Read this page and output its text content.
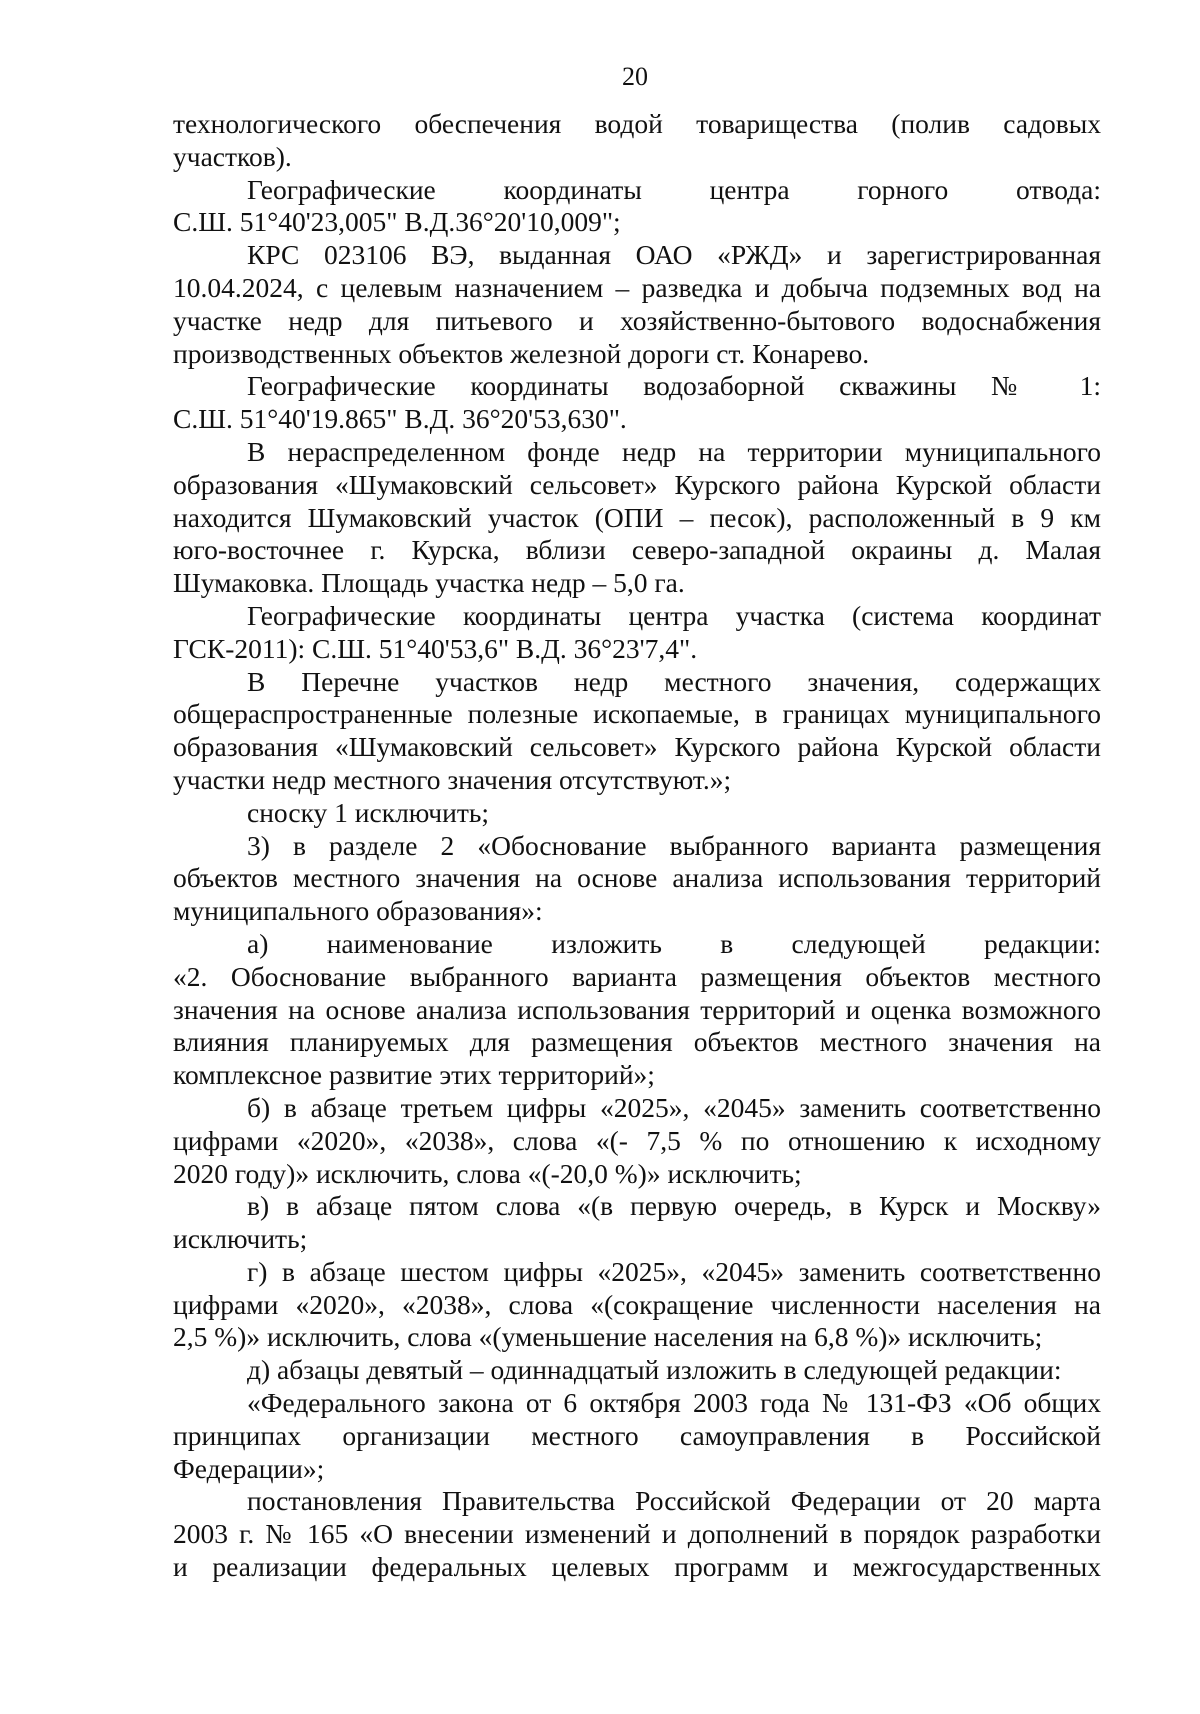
20
технологического обеспечения водой товарищества (полив садовых
участков).
Географические координаты центра горного отвода:
С.Ш. 51°40'23,005" В.Д.36°20'10,009";
КРС 023106 ВЭ, выданная ОАО «РЖД» и зарегистрированная
10.04.2024, с целевым назначением – разведка и добыча подземных вод на
участке недр для питьевого и хозяйственно-бытового водоснабжения
производственных объектов железной дороги ст. Конарево.
Географические координаты водозаборной скважины № 1:
С.Ш. 51°40'19.865" В.Д. 36°20'53,630".
В нераспределенном фонде недр на территории муниципального
образования «Шумаковский сельсовет» Курского района Курской области
находится Шумаковский участок (ОПИ – песок), расположенный в 9 км
юго-восточнее г. Курска, вблизи северо-западной окраины д. Малая
Шумаковка. Площадь участка недр – 5,0 га.
Географические координаты центра участка (система координат
ГСК-2011): С.Ш. 51°40'53,6" В.Д. 36°23'7,4".
В Перечне участков недр местного значения, содержащих
общераспространенные полезные ископаемые, в границах муниципального
образования «Шумаковский сельсовет» Курского района Курской области
участки недр местного значения отсутствуют.»;
сноску 1 исключить;
3) в разделе 2 «Обоснование выбранного варианта размещения
объектов местного значения на основе анализа использования территорий
муниципального образования»:
а) наименование изложить в следующей редакции:
«2. Обоснование выбранного варианта размещения объектов местного
значения на основе анализа использования территорий и оценка возможного
влияния планируемых для размещения объектов местного значения на
комплексное развитие этих территорий»;
б) в абзаце третьем цифры «2025», «2045» заменить соответственно
цифрами «2020», «2038», слова «(- 7,5 % по отношению к исходному
2020 году)» исключить, слова «(-20,0 %)» исключить;
в) в абзаце пятом слова «(в первую очередь, в Курск и Москву»
исключить;
г) в абзаце шестом цифры «2025», «2045» заменить соответственно
цифрами «2020», «2038», слова «(сокращение численности населения на
2,5 %)» исключить, слова «(уменьшение населения на 6,8 %)» исключить;
д) абзацы девятый – одиннадцатый изложить в следующей редакции:
«Федерального закона от 6 октября 2003 года № 131-ФЗ «Об общих
принципах организации местного самоуправления в Российской
Федерации»;
постановления Правительства Российской Федерации от 20 марта
2003 г. № 165 «О внесении изменений и дополнений в порядок разработки
и реализации федеральных целевых программ и межгосударственных
